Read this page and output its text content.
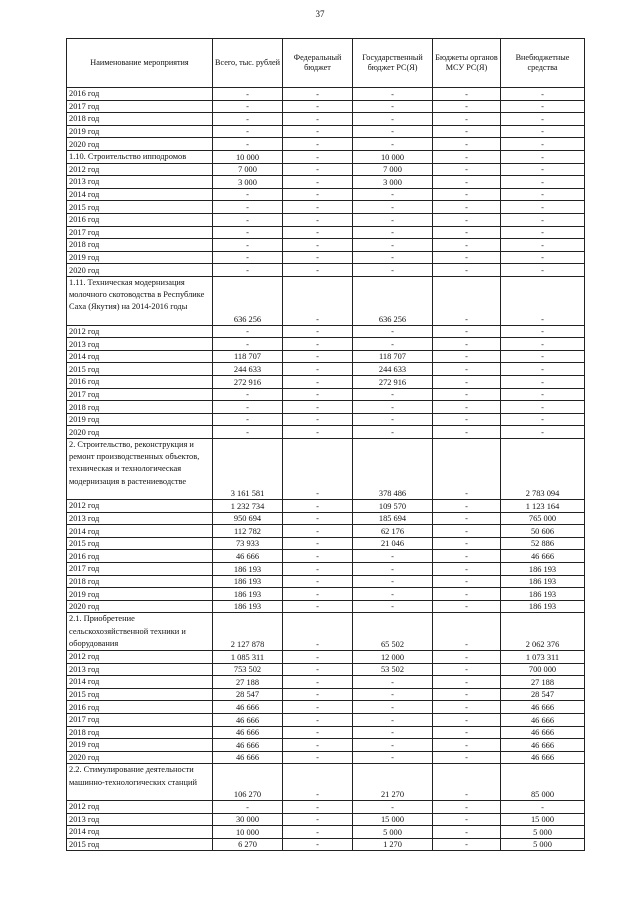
37
Наименование мероприятия	Всего, тыс. рублей	Федеральный бюджет	Государственный бюджет РС(Я)	Бюджеты органов МСУ РС(Я)	Внебюджетные средства
2016 год	-	-	-	-	-
2017 год	-	-	-	-	-
2018 год	-	-	-	-	-
2019 год	-	-	-	-	-
2020 год	-	-	-	-	-
1.10. Строительство ипподромов	10 000	-	10 000	-	-
2012 год	7 000	-	7 000	-	-
2013 год	3 000	-	3 000	-	-
2014 год	-	-	-	-	-
2015 год	-	-	-	-	-
2016 год	-	-	-	-	-
2017 год	-	-	-	-	-
2018 год	-	-	-	-	-
2019 год	-	-	-	-	-
2020 год	-	-	-	-	-
1.11. Техническая модернизация молочного скотоводства в Республике Саха (Якутия) на 2014-2016 годы	636 256	-	636 256	-	-
2012 год	-	-	-	-	-
2013 год	-	-	-	-	-
2014 год	118 707	-	118 707	-	-
2015 год	244 633	-	244 633	-	-
2016 год	272 916	-	272 916	-	-
2017 год	-	-	-	-	-
2018 год	-	-	-	-	-
2019 год	-	-	-	-	-
2020 год	-	-	-	-	-
2. Строительство, реконструкция и ремонт производственных объектов, техническая и технологическая модернизация в растениеводстве	3 161 581	-	378 486	-	2 783 094
2012 год	1 232 734	-	109 570	-	1 123 164
2013 год	950 694	-	185 694	-	765 000
2014 год	112 782	-	62 176	-	50 606
2015 год	73 933	-	21 046	-	52 886
2016 год	46 666	-	-	-	46 666
2017 год	186 193	-	-	-	186 193
2018 год	186 193	-	-	-	186 193
2019 год	186 193	-	-	-	186 193
2020 год	186 193	-	-	-	186 193
2.1. Приобретение сельскохозяйственной техники и оборудования	2 127 878	-	65 502	-	2 062 376
2012 год	1 085 311	-	12 000	-	1 073 311
2013 год	753 502	-	53 502	-	700 000
2014 год	27 188	-	-	-	27 188
2015 год	28 547	-	-	-	28 547
2016 год	46 666	-	-	-	46 666
2017 год	46 666	-	-	-	46 666
2018 год	46 666	-	-	-	46 666
2019 год	46 666	-	-	-	46 666
2020 год	46 666	-	-	-	46 666
2.2. Стимулирование деятельности машинно-технологических станций	106 270	-	21 270	-	85 000
2012 год	-	-	-	-	-
2013 год	30 000	-	15 000	-	15 000
2014 год	10 000	-	5 000	-	5 000
2015 год	6 270	-	1 270	-	5 000
